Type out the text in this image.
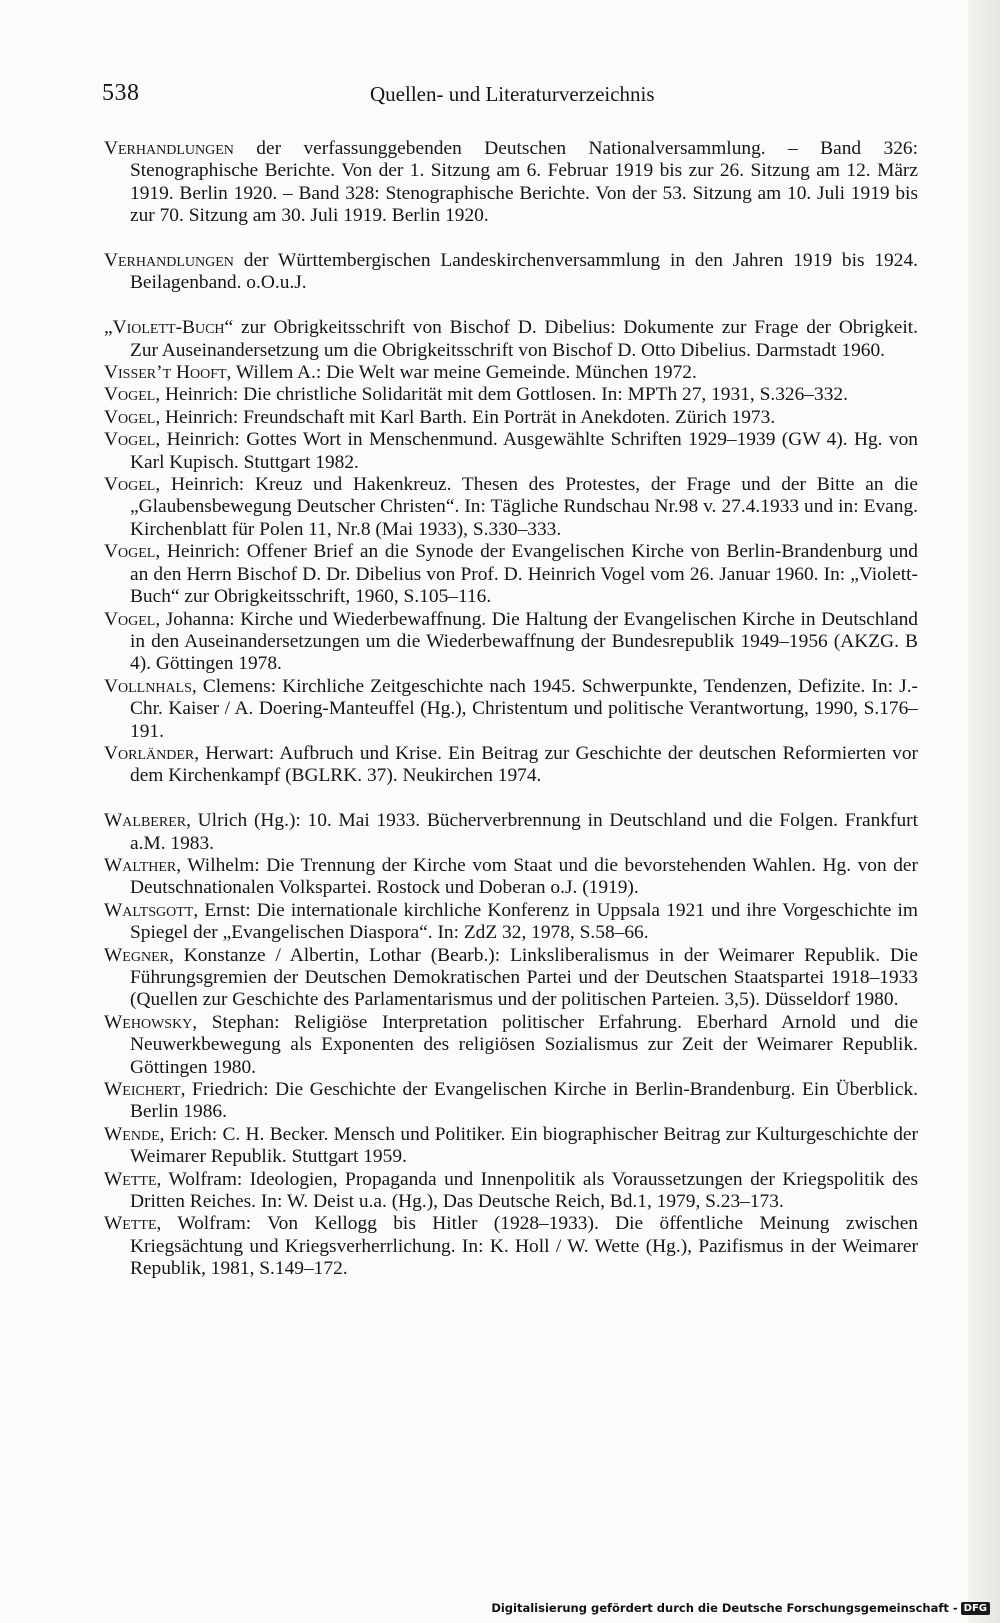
538	Quellen- und Literaturverzeichnis

Verhandlungen der verfassunggebenden Deutschen Nationalversammlung. – Band 326: Stenographische Berichte. Von der 1. Sitzung am 6. Februar 1919 bis zur 26. Sitzung am 12. März 1919. Berlin 1920. – Band 328: Stenographische Berichte. Von der 53. Sitzung am 10. Juli 1919 bis zur 70. Sitzung am 30. Juli 1919. Berlin 1920.

Verhandlungen der Württembergischen Landeskirchenversammlung in den Jahren 1919 bis 1924. Beilagenband. o.O.u.J.

„Violett-Buch“ zur Obrigkeitsschrift von Bischof D. Dibelius: Dokumente zur Frage der Obrigkeit. Zur Auseinandersetzung um die Obrigkeitsschrift von Bischof D. Otto Dibelius. Darmstadt 1960.

Visser’t Hooft, Willem A.: Die Welt war meine Gemeinde. München 1972.

Vogel, Heinrich: Die christliche Solidarität mit dem Gottlosen. In: MPTh 27, 1931, S.326–332.

Vogel, Heinrich: Freundschaft mit Karl Barth. Ein Porträt in Anekdoten. Zürich 1973.

Vogel, Heinrich: Gottes Wort in Menschenmund. Ausgewählte Schriften 1929–1939 (GW 4). Hg. von Karl Kupisch. Stuttgart 1982.

Vogel, Heinrich: Kreuz und Hakenkreuz. Thesen des Protestes, der Frage und der Bitte an die „Glaubensbewegung Deutscher Christen“. In: Tägliche Rundschau Nr.98 v. 27.4.1933 und in: Evang. Kirchenblatt für Polen 11, Nr.8 (Mai 1933), S.330–333.

Vogel, Heinrich: Offener Brief an die Synode der Evangelischen Kirche von Berlin-Brandenburg und an den Herrn Bischof D. Dr. Dibelius von Prof. D. Heinrich Vogel vom 26. Januar 1960. In: „Violett-Buch“ zur Obrigkeitsschrift, 1960, S.105–116.

Vogel, Johanna: Kirche und Wiederbewaffnung. Die Haltung der Evangelischen Kirche in Deutschland in den Auseinandersetzungen um die Wiederbewaffnung der Bundesrepublik 1949–1956 (AKZG. B 4). Göttingen 1978.

Vollnhals, Clemens: Kirchliche Zeitgeschichte nach 1945. Schwerpunkte, Tendenzen, Defizite. In: J.-Chr. Kaiser / A. Doering-Manteuffel (Hg.), Christentum und politische Verantwortung, 1990, S.176–191.

Vorländer, Herwart: Aufbruch und Krise. Ein Beitrag zur Geschichte der deutschen Reformierten vor dem Kirchenkampf (BGLRK. 37). Neukirchen 1974.

Walberer, Ulrich (Hg.): 10. Mai 1933. Bücherverbrennung in Deutschland und die Folgen. Frankfurt a.M. 1983.

Walther, Wilhelm: Die Trennung der Kirche vom Staat und die bevorstehenden Wahlen. Hg. von der Deutschnationalen Volkspartei. Rostock und Doberan o.J. (1919).

Waltsgott, Ernst: Die internationale kirchliche Konferenz in Uppsala 1921 und ihre Vorgeschichte im Spiegel der „Evangelischen Diaspora“. In: ZdZ 32, 1978, S.58–66.

Wegner, Konstanze / Albertin, Lothar (Bearb.): Linksliberalismus in der Weimarer Republik. Die Führungsgremien der Deutschen Demokratischen Partei und der Deutschen Staatspartei 1918–1933 (Quellen zur Geschichte des Parlamentarismus und der politischen Parteien. 3,5). Düsseldorf 1980.

Wehowsky, Stephan: Religiöse Interpretation politischer Erfahrung. Eberhard Arnold und die Neuwerkbewegung als Exponenten des religiösen Sozialismus zur Zeit der Weimarer Republik. Göttingen 1980.

Weichert, Friedrich: Die Geschichte der Evangelischen Kirche in Berlin-Brandenburg. Ein Überblick. Berlin 1986.

Wende, Erich: C. H. Becker. Mensch und Politiker. Ein biographischer Beitrag zur Kulturgeschichte der Weimarer Republik. Stuttgart 1959.

Wette, Wolfram: Ideologien, Propaganda und Innenpolitik als Voraussetzungen der Kriegspolitik des Dritten Reiches. In: W. Deist u.a. (Hg.), Das Deutsche Reich, Bd.1, 1979, S.23–173.

Wette, Wolfram: Von Kellogg bis Hitler (1928–1933). Die öffentliche Meinung zwischen Kriegsächtung und Kriegsverherrlichung. In: K. Holl / W. Wette (Hg.), Pazifismus in der Weimarer Republik, 1981, S.149–172.

Digitalisierung gefördert durch die Deutsche Forschungsgemeinschaft - DFG
